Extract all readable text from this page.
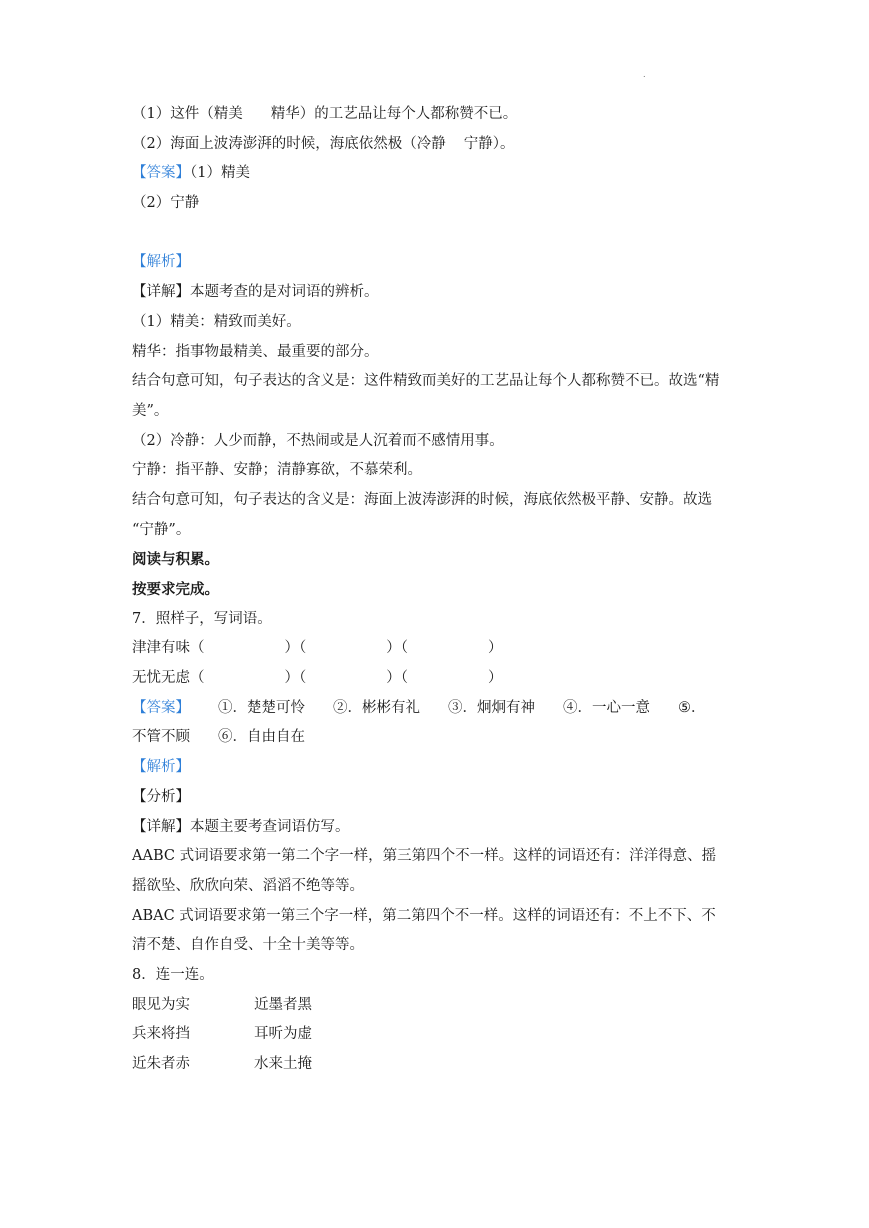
.
（1）这件（精美 精华）的工艺品让每个人都称赞不已。
（2）海面上波涛澎湃的时候，海底依然极（冷静 宁静）。
【答案】（1）精美
（2）宁静
【解析】
【详解】本题考查的是对词语的辨析。
（1）精美：精致而美好。
精华：指事物最精美、最重要的部分。
结合句意可知，句子表达的含义是：这件精致而美好的工艺品让每个人都称赞不已。故选“精
美”。
（2）冷静：人少而静，不热闹或是人沉着而不感情用事。
宁静：指平静、安静；清静寡欲，不慕荣利。
结合句意可知，句子表达的含义是：海面上波涛澎湃的时候，海底依然极平静、安静。故选
“宁静”。
阅读与积累。
按要求完成。
7．照样子，写词语。
津津有味（	）（	）（	）
无忧无虑（	）（	）（	）
【答案】 ①．楚楚可怜 ②．彬彬有礼 ③．炯炯有神 ④．一心一意 ⑤．
不管不顾 ⑥．自由自在
【解析】
【分析】
【详解】本题主要考查词语仿写。
AABC 式词语要求第一第二个字一样，第三第四个不一样。这样的词语还有：洋洋得意、摇
摇欲坠、欣欣向荣、滔滔不绝等等。
ABAC 式词语要求第一第三个字一样，第二第四个不一样。这样的词语还有：不上不下、不
清不楚、自作自受、十全十美等等。
8．连一连。
眼见为实	近墨者黑
兵来将挡	耳听为虚
近朱者赤	水来土掩
